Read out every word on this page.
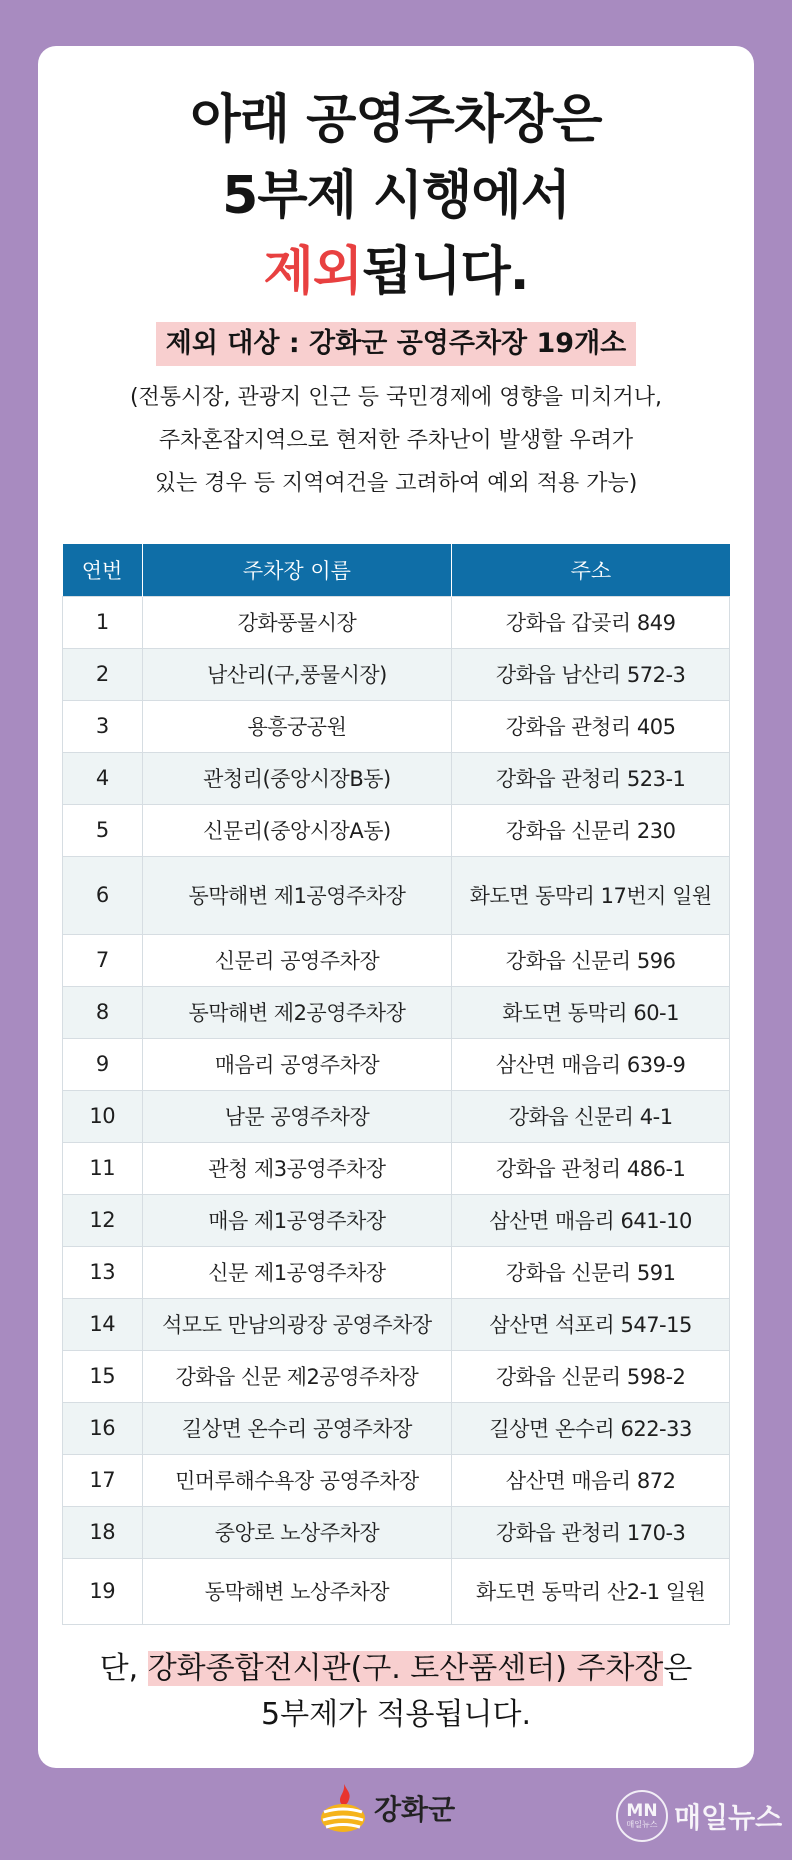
아래 공영주차장은
5부제 시행에서
제외됩니다.
제외 대상 : 강화군 공영주차장 19개소
(전통시장, 관광지 인근 등 국민경제에 영향을 미치거나,
주차혼잡지역으로 현저한 주차난이 발생할 우려가
있는 경우 등 지역여건을 고려하여 예외 적용 가능)
연번	주차장 이름	주소
1	강화풍물시장	강화읍 갑곶리 849
2	남산리(구,풍물시장)	강화읍 남산리 572-3
3	용흥궁공원	강화읍 관청리 405
4	관청리(중앙시장B동)	강화읍 관청리 523-1
5	신문리(중앙시장A동)	강화읍 신문리 230
6	동막해변 제1공영주차장	화도면 동막리 17번지 일원
7	신문리 공영주차장	강화읍 신문리 596
8	동막해변 제2공영주차장	화도면 동막리 60-1
9	매음리 공영주차장	삼산면 매음리 639-9
10	남문 공영주차장	강화읍 신문리 4-1
11	관청 제3공영주차장	강화읍 관청리 486-1
12	매음 제1공영주차장	삼산면 매음리 641-10
13	신문 제1공영주차장	강화읍 신문리 591
14	석모도 만남의광장 공영주차장	삼산면 석포리 547-15
15	강화읍 신문 제2공영주차장	강화읍 신문리 598-2
16	길상면 온수리 공영주차장	길상면 온수리 622-33
17	민머루해수욕장 공영주차장	삼산면 매음리 872
18	중앙로 노상주차장	강화읍 관청리 170-3
19	동막해변 노상주차장	화도면 동막리 산2-1 일원
단, 강화종합전시관(구. 토산품센터) 주차장은
5부제가 적용됩니다.
강화군	MN
매일뉴스 매일뉴스
